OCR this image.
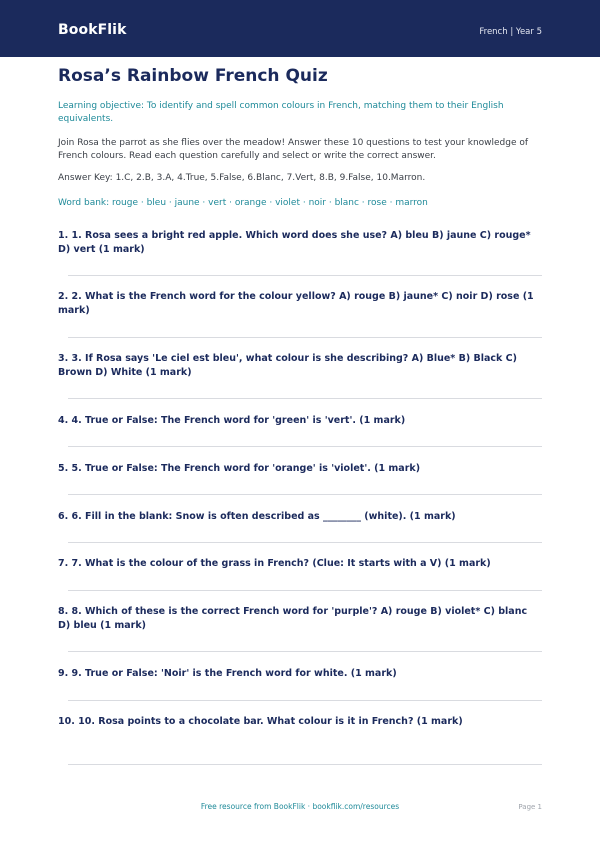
BookFlik	French | Year 5
Rosa’s Rainbow French Quiz

Learning objective: To identify and spell common colours in French, matching them to their English equivalents.

Join Rosa the parrot as she flies over the meadow! Answer these 10 questions to test your knowledge of French colours. Read each question carefully and select or write the correct answer.

Answer Key: 1.C, 2.B, 3.A, 4.True, 5.False, 6.Blanc, 7.Vert, 8.B, 9.False, 10.Marron.

Word bank: rouge · bleu · jaune · vert · orange · violet · noir · blanc · rose · marron

1. 1. Rosa sees a bright red apple. Which word does she use? A) bleu B) jaune C) rouge* D) vert (1 mark)
2. 2. What is the French word for the colour yellow? A) rouge B) jaune* C) noir D) rose (1 mark)
3. 3. If Rosa says 'Le ciel est bleu', what colour is she describing? A) Blue* B) Black C) Brown D) White (1 mark)
4. 4. True or False: The French word for 'green' is 'vert'. (1 mark)
5. 5. True or False: The French word for 'orange' is 'violet'. (1 mark)
6. 6. Fill in the blank: Snow is often described as ________ (white). (1 mark)
7. 7. What is the colour of the grass in French? (Clue: It starts with a V) (1 mark)
8. 8. Which of these is the correct French word for 'purple'? A) rouge B) violet* C) blanc D) bleu (1 mark)
9. 9. True or False: 'Noir' is the French word for white. (1 mark)
10. 10. Rosa points to a chocolate bar. What colour is it in French? (1 mark)
Free resource from BookFlik · bookflik.com/resources	Page 1
